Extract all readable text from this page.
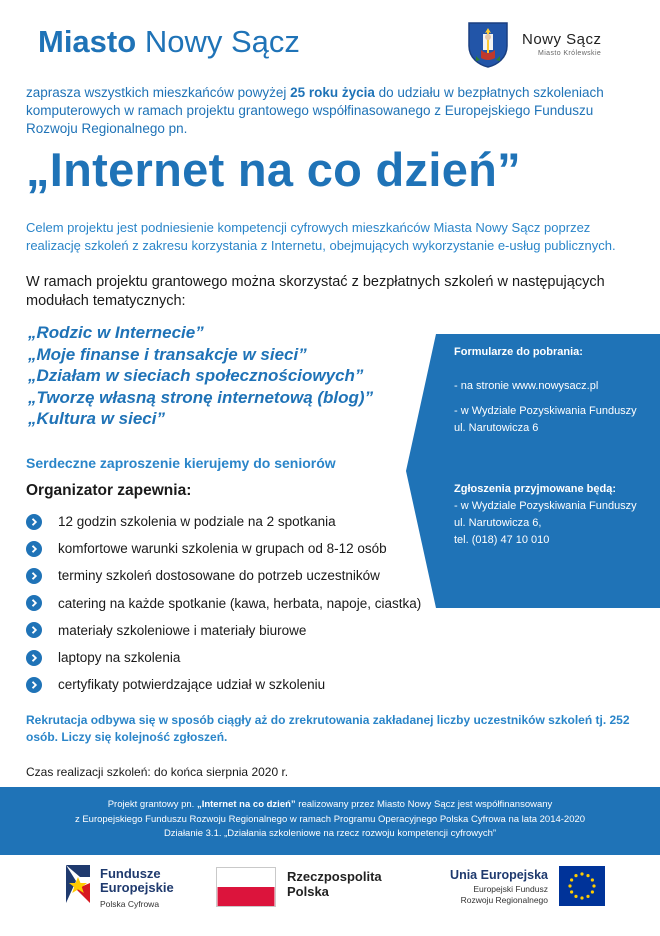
Miasto Nowy Sącz	Nowy Sącz
Miasto Królewskie
zaprasza wszystkich mieszkańców powyżej 25 roku życia do udziału w bezpłatnych szkoleniach komputerowych w ramach projektu grantowego współfinasowanego z Europejskiego Funduszu Rozwoju Regionalnego pn.
„Internet na co dzień”
Celem projektu jest podniesienie kompetencji cyfrowych mieszkańców Miasta Nowy Sącz poprzez realizację szkoleń z zakresu korzystania z Internetu, obejmujących wykorzystanie e-usług publicznych.
W ramach projektu grantowego można skorzystać z bezpłatnych szkoleń w następujących modułach tematycznych:
„Rodzic w Internecie”
„Moje finanse i transakcje w sieci”
„Działam w sieciach społecznościowych”
„Tworzę własną stronę internetową (blog)”
„Kultura w sieci”
Formularze do pobrania:
- na stronie www.nowysacz.pl
- w Wydziale Pozyskiwania Funduszy
ul. Narutowicza 6
Zgłoszenia przyjmowane będą:
- w Wydziale Pozyskiwania Funduszy
ul. Narutowicza 6,
tel. (018) 47 10 010
Serdeczne zaproszenie kierujemy do seniorów
Organizator zapewnia:
12 godzin szkolenia w podziale na 2 spotkania
komfortowe warunki szkolenia w grupach od 8-12 osób
terminy szkoleń dostosowane do potrzeb uczestników
catering na każde spotkanie (kawa, herbata, napoje, ciastka)
materiały szkoleniowe i materiały biurowe
laptopy na szkolenia
certyfikaty potwierdzające udział w szkoleniu
Rekrutacja odbywa się w sposób ciągły aż do zrekrutowania zakładanej liczby uczestników szkoleń tj. 252 osób. Liczy się kolejność zgłoszeń.
Czas realizacji szkoleń: do końca sierpnia 2020 r.
Projekt grantowy pn. „Internet na co dzień” realizowany przez Miasto Nowy Sącz jest współfinansowany
z Europejskiego Funduszu Rozwoju Regionalnego w ramach Programu Operacyjnego Polska Cyfrowa na lata 2014-2020
Działanie 3.1. „Działania szkoleniowe na rzecz rozwoju kompetencji cyfrowych”
Fundusze
Europejskie
Polska Cyfrowa
Rzeczpospolita
Polska
Unia Europejska
Europejski Fundusz
Rozwoju Regionalnego
